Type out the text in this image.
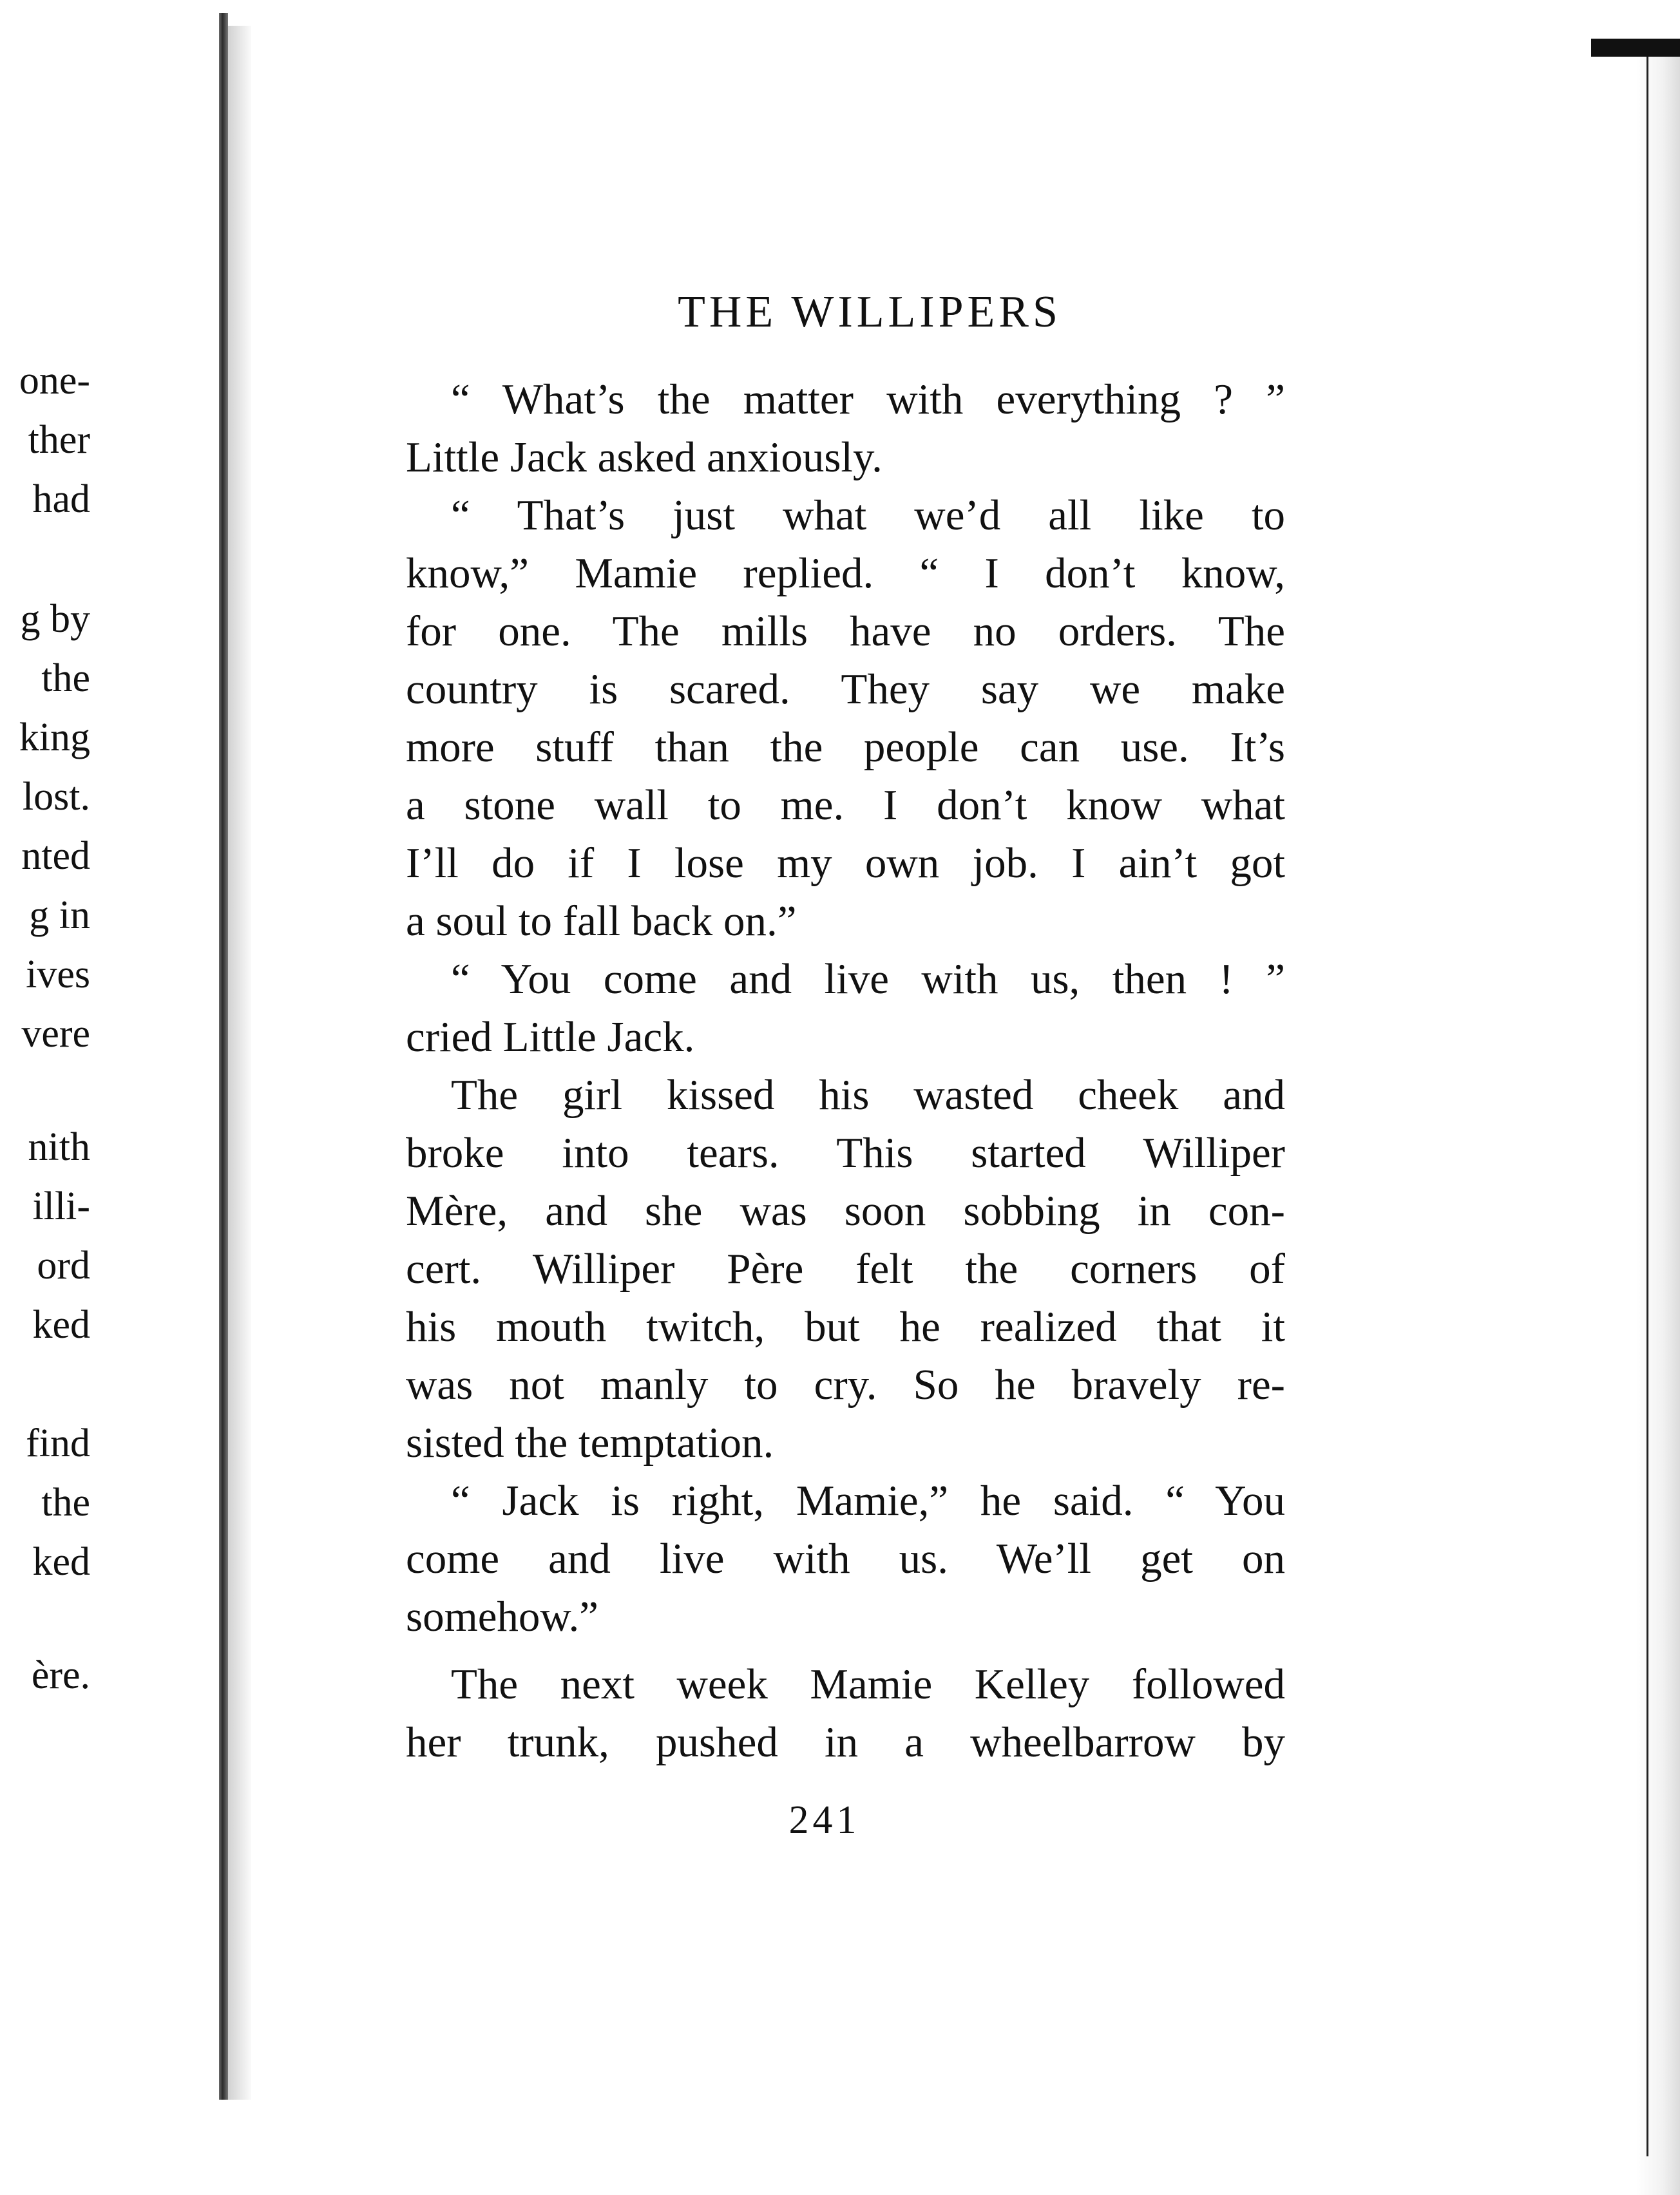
one-
ther
had
g by
the
king
lost.
nted
g in
ives
vere
nith
illi-
ord
ked
find
the
ked
ère.
THE WILLIPERS
“ What’s the matter with everything ? ”
Little Jack asked anxiously.
“ That’s just what we’d all like to
know,” Mamie replied. “ I don’t know,
for one. The mills have no orders. The
country is scared. They say we make
more stuff than the people can use. It’s
a stone wall to me. I don’t know what
I’ll do if I lose my own job. I ain’t got
a soul to fall back on.”
“ You come and live with us, then ! ”
cried Little Jack.
The girl kissed his wasted cheek and
broke into tears. This started Williper
Mère, and she was soon sobbing in con-
cert. Williper Père felt the corners of
his mouth twitch, but he realized that it
was not manly to cry. So he bravely re-
sisted the temptation.
“ Jack is right, Mamie,” he said. “ You
come and live with us. We’ll get on
somehow.”
The next week Mamie Kelley followed
her trunk, pushed in a wheelbarrow by
241
